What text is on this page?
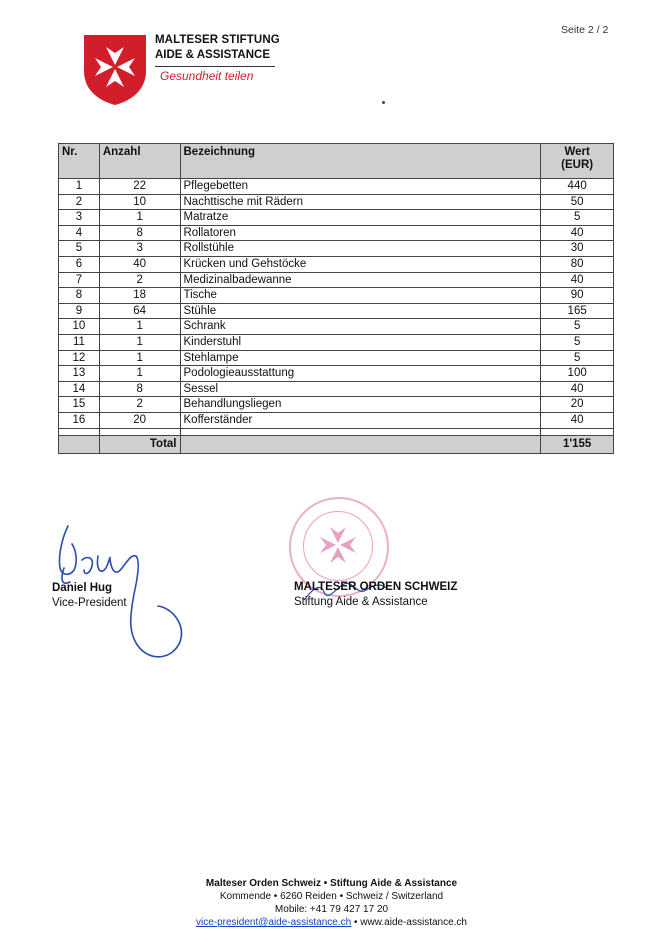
Seite 2 / 2
MALTESER STIFTUNG
AIDE & ASSISTANCE
Gesundheit teilen
Nr.	Anzahl	Bezeichnung	Wert
(EUR)
1	22	Pflegebetten	440
2	10	Nachttische mit Rädern	50
3	1	Matratze	5
4	8	Rollatoren	40
5	3	Rollstühle	30
6	40	Krücken und Gehstöcke	80
7	2	Medizinalbadewanne	40
8	18	Tische	90
9	64	Stühle	165
10	1	Schrank	5
11	1	Kinderstuhl	5
12	1	Stehlampe	5
13	1	Podologieausstattung	100
14	8	Sessel	40
15	2	Behandlungsliegen	20
16	20	Kofferständer	40

	Total		1'155
Daniel Hug
Vice-President
MALTESER ORDEN SCHWEIZ
Stiftung Aide & Assistance
Malteser Orden Schweiz • Stiftung Aide & Assistance
Kommende • 6260 Reiden • Schweiz / Switzerland
Mobile: +41 79 427 17 20
vice-president@aide-assistance.ch • www.aide-assistance.ch
